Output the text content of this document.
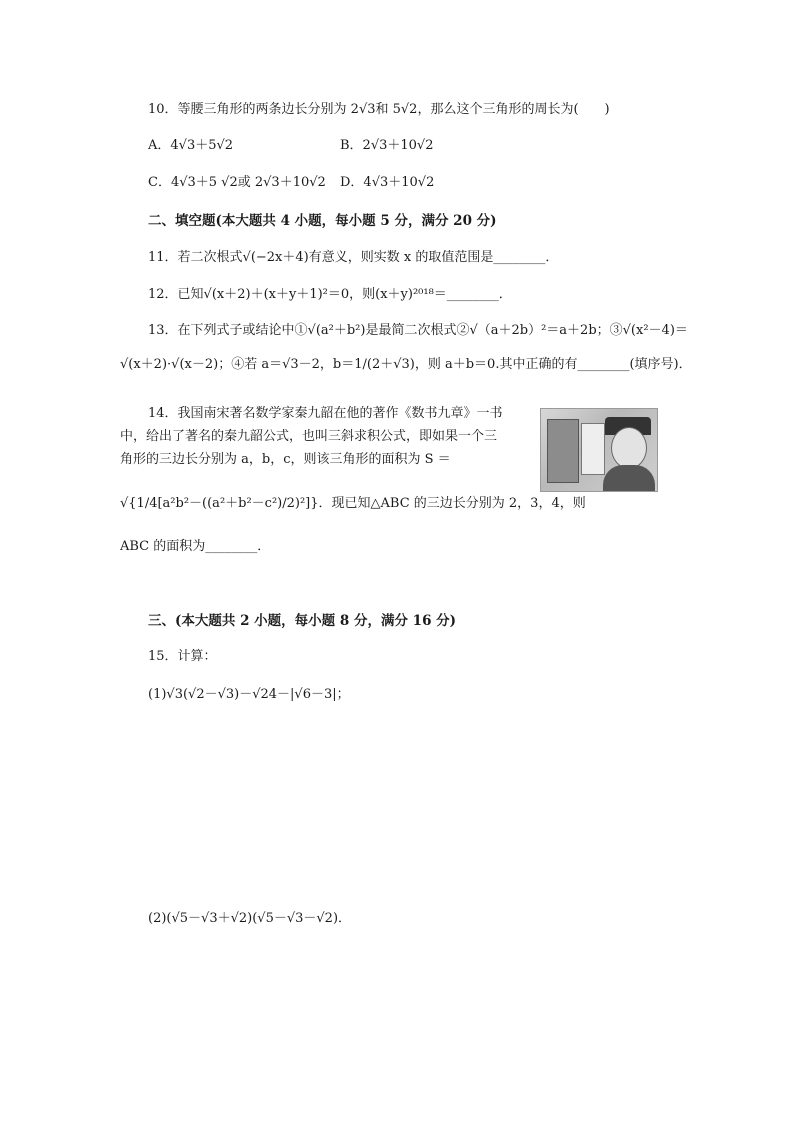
10．等腰三角形的两条边长分别为 2√3和 5√2，那么这个三角形的周长为(　　)
A．4√3＋5√2	B．2√3＋10√2
C．4√3＋5 √2或 2√3＋10√2 D．4√3＋10√2
二、填空题(本大题共 4 小题，每小题 5 分，满分 20 分)
11．若二次根式√(−2x＋4)有意义，则实数 x 的取值范围是________．
12．已知√(x＋2)＋(x＋y＋1)²＝0，则(x＋y)²⁰¹⁸＝________．
13．在下列式子或结论中①√(a²＋b²)是最简二次根式②√（a＋2b）²＝a＋2b；③√(x²－4)＝
√(x＋2)·√(x－2)；④若 a＝√3－2，b＝1/(2＋√3)，则 a＋b＝0.其中正确的有________(填序号)．
14．我国南宋著名数学家秦九韶在他的著作《数书九章》一书
中，给出了著名的秦九韶公式，也叫三斜求积公式，即如果一个三
角形的三边长分别为 a，b，c，则该三角形的面积为 S ＝
√{1/4[a²b²－((a²＋b²－c²)/2)²]}．现已知△ABC 的三边长分别为 2，3，4，则
ABC 的面积为________．
三、(本大题共 2 小题，每小题 8 分，满分 16 分)
15．计算：
(1)√3(√2－√3)－√24－|√6－3|；
(2)(√5－√3＋√2)(√5－√3－√2)．
